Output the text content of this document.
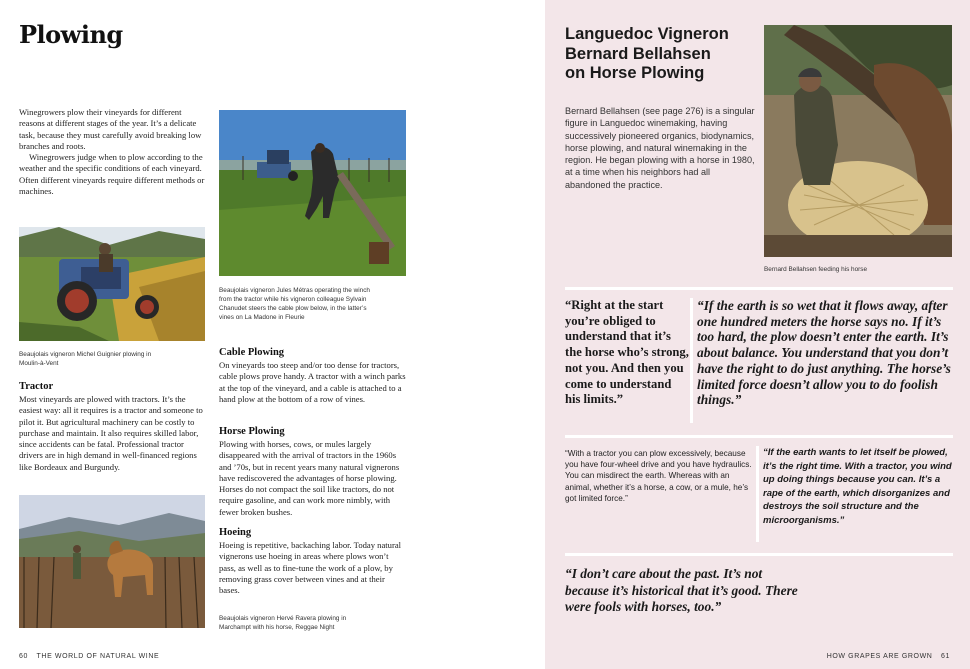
Plowing

Winegrowers plow their vineyards for different reasons at different stages of the year. It’s a delicate task, because they must carefully avoid breaking low branches and roots.

Winegrowers judge when to plow according to the weather and the specific conditions of each vineyard. Often different vineyards require different methods or machines.

Beaujolais vigneron Michel Guignier plowing in Moulin-à-Vent
Tractor
Most vineyards are plowed with tractors. It’s the easiest way: all it requires is a tractor and someone to pilot it. But agricultural machinery can be costly to purchase and maintain. It also requires skilled labor, since accidents can be fatal. Professional tractor drivers are in high demand in well-financed regions like Bordeaux and Burgundy.
Beaujolais vigneron Jules Métras operating the winch from the tractor while his vigneron colleague Sylvain Chanudet steers the cable plow below, in the latter’s vines on La Madone in Fleurie
Cable Plowing
On vineyards too steep and/or too dense for tractors, cable plows prove handy. A tractor with a winch parks at the top of the vineyard, and a cable is attached to a hand plow at the bottom of a row of vines.
Horse Plowing
Plowing with horses, cows, or mules largely disappeared with the arrival of tractors in the 1960s and ’70s, but in recent years many natural vignerons have rediscovered the advantages of horse plowing. Horses do not compact the soil like tractors, do not require gasoline, and can work more nimbly, with fewer broken bushes.
Hoeing
Hoeing is repetitive, backaching labor. Today natural vignerons use hoeing in areas where plows won’t pass, as well as to fine-tune the work of a plow, by removing grass cover between vines and at their bases.
Beaujolais vigneron Hervé Ravera plowing in Marchampt with his horse, Reggae Night
60 THE WORLD OF NATURAL WINE
Languedoc Vigneron
Bernard Bellahsen
on Horse Plowing
Bernard Bellahsen (see page 276) is a singular figure in Languedoc winemaking, having successively pioneered organics, biodynamics, horse plowing, and natural winemaking in the region. He began plowing with a horse in 1980, at a time when his neighbors had all abandoned the practice.
Bernard Bellahsen feeding his horse
“Right at the start you’re obliged to understand that it’s the horse who’s strong, not you. And then you come to understand his limits.”
“If the earth is so wet that it flows away, after one hundred meters the horse says no. If it’s too hard, the plow doesn’t enter the earth. It’s about balance. You understand that you don’t have the right to do just anything. The horse’s limited force doesn’t allow you to do foolish things.”
“With a tractor you can plow excessively, because you have four-wheel drive and you have hydraulics. You can misdirect the earth. Whereas with an animal, whether it’s a horse, a cow, or a mule, he’s got limited force.”
“If the earth wants to let itself be plowed, it’s the right time. With a tractor, you wind up doing things because you can. It’s a rape of the earth, which disorganizes and destroys the soil structure and the microorganisms.”
“I don’t care about the past. It’s not because it’s historical that it’s good. There were fools with horses, too.”
HOW GRAPES ARE GROWN 61
